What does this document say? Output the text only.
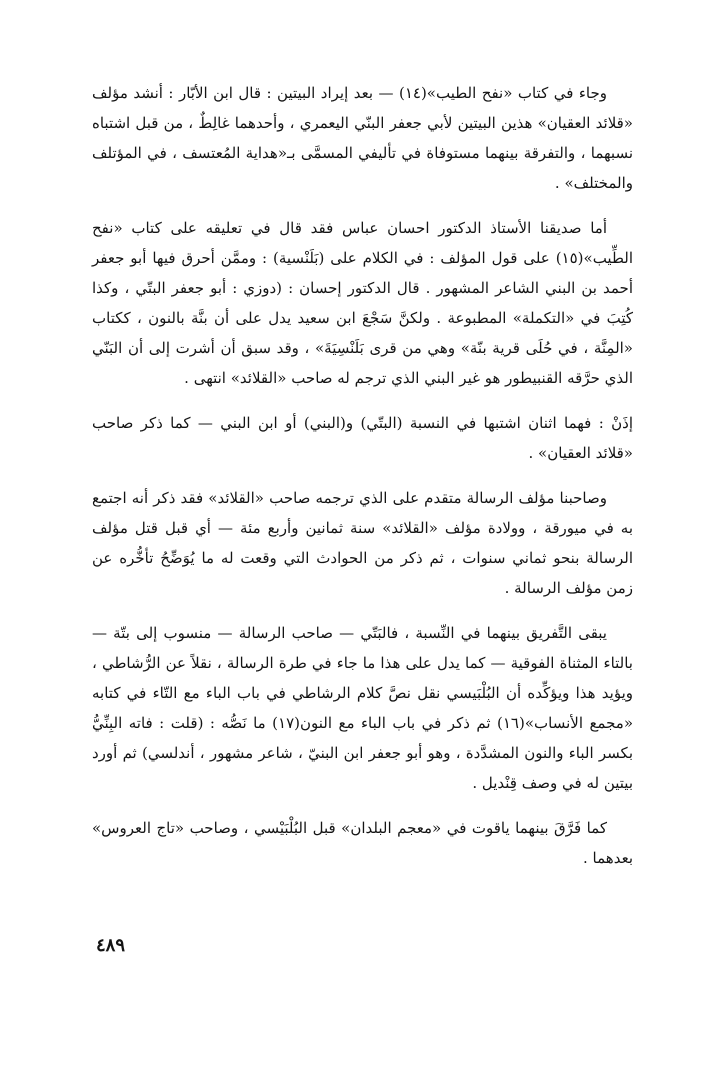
وجاء في كتاب «نفح الطيب»(١٤) — بعد إيراد البيتين : قال ابن الأبّار : أنشد مؤلف «قلائد العقيان» هذين البيتين لأبي جعفر البنّي اليعمري ، وأحدهما غالِطٌ ، من قبل اشتباه نسبهما ، والتفرقة بينهما مستوفاة في تأليفي المسمَّى بـ«هداية المُعتسف ، في المؤتلف والمختلف» .

أما صديقنا الأستاذ الدكتور احسان عباس فقد قال في تعليقه على كتاب «نفح الطِّيب»(١٥) على قول المؤلف : في الكلام على (بَلَنْسية) : وممَّن أحرق فيها أبو جعفر أحمد بن البني الشاعر المشهور . قال الدكتور إحسان : (دوزي : أبو جعفر البتّي ، وكذا كُتِبَ في «التكملة» المطبوعة . ولكنَّ سَجْعَ ابن سعيد يدل على أن بنَّة بالنون ، ككتاب «المِنَّة ، في حُلَى قرية بنّة» وهي من قرى بَلَنْسِيَةَ» ، وقد سبق أن أشرت إلى أن البَنّي الذي حرَّقه القنبيطور هو غير البني الذي ترجم له صاحب «القلائد» انتهى .

إذَنْ : فهما اثنان اشتبها في النسبة (البتّي) و(البني) أو ابن البني — كما ذكر صاحب «قلائد العقيان» .

وصاحبنا مؤلف الرسالة متقدم على الذي ترجمه صاحب «القلائد» فقد ذكر أنه اجتمع به في ميورقة ، وولادة مؤلف «القلائد» سنة ثمانين وأربع مئة — أي قبل قتل مؤلف الرسالة بنحو ثماني سنوات ، ثم ذكر من الحوادث التي وقعت له ما يُوَضِّحُ تأخُّره عن زمن مؤلف الرسالة .

يبقى التَّفريق بينهما في النِّسبة ، فالبَتّي — صاحب الرسالة — منسوب إلى بتّة — بالتاء المثناة الفوقية — كما يدل على هذا ما جاء في طرة الرسالة ، نقلاً عن الرُّشاطي ، ويؤيد هذا ويؤكِّده أن البُلْبَيسي نقل نصَّ كلام الرشاطي في باب الباء مع التّاء في كتابه «مجمع الأنساب»(١٦) ثم ذكر في باب الباء مع النون(١٧) ما نَصُّه : (قلت : فاته البِنِّيُّ بكسر الباء والنون المشدَّدة ، وهو أبو جعفر ابن البنيّ ، شاعر مشهور ، أندلسي) ثم أورد بيتين له في وصف قِنْديل .

كما فَرَّقَ بينهما ياقوت في «معجم البلدان» قبل البُلْبَيْسي ، وصاحب «تاج العروس» بعدهما .

٤٨٩
